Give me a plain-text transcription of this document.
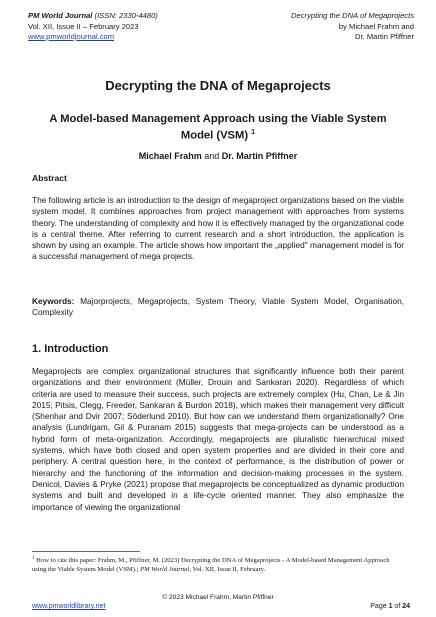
PM World Journal (ISSN: 2330-4480)
Vol. XII, Issue II – February 2023
www.pmworldjournal.com
Decrypting the DNA of Megaprojects
by Michael Frahm and
Dr. Martin Pfiffner
Decrypting the DNA of Megaprojects
A Model-based Management Approach using the Viable System Model (VSM) $^1$
Michael Frahm and Dr. Martin Pfiffner
Abstract
The following article is an introduction to the design of megaproject organizations based on the viable system model. It combines approaches from project management with approaches from systems theory. The understanding of complexity and how it is effectively managed by the organizational code is a central theme. After referring to current research and a short introduction, the application is shown by using an example. The article shows how important the „applied" management model is for a successful management of mega projects.
Keywords: Majorprojects, Megaprojects, System Theory, Viable System Model, Organisation, Complexity
1. Introduction
Megaprojects are complex organizational structures that significantly influence both their parent organizations and their environment (Müller, Drouin and Sankaran 2020). Regardless of which criteria are used to measure their success, such projects are extremely complex (Hu, Chan, Le & Jin 2015; Pitsis, Clegg, Freeder, Sankaran & Burdon 2018), which makes their management very difficult (Shenhar and Dvir 2007; Söderlund 2010). But how can we understand them organizationally? One analysis (Lundrigam, Gil & Puranam 2015) suggests that mega-projects can be understood as a hybrid form of meta-organization. Accordingly, megaprojects are pluralistic hierarchical mixed systems, which have both closed and open system properties and are divided in their core and periphery. A central question here, in the context of performance, is the distribution of power or hierarchy and the functioning of the information and decision-making processes in the system. Denicol, Davies & Pryke (2021) propose that megaprojects be conceptualized as dynamic production systems and built and developed in a life-cycle oriented manner. They also emphasize the importance of viewing the organizational
$^1$ How to cite this paper: Frahm, M., Pfiffner, M. (2023) Decrypting the DNA of Megaprojects - A Model-based Management Approach using the Viable System Model (VSM).; PM World Journal, Vol. XII, Issue II, February.
© 2023 Michael Frahm, Martin Pfiffner
www.pmworldlibrary.net	Page 1 of 24
